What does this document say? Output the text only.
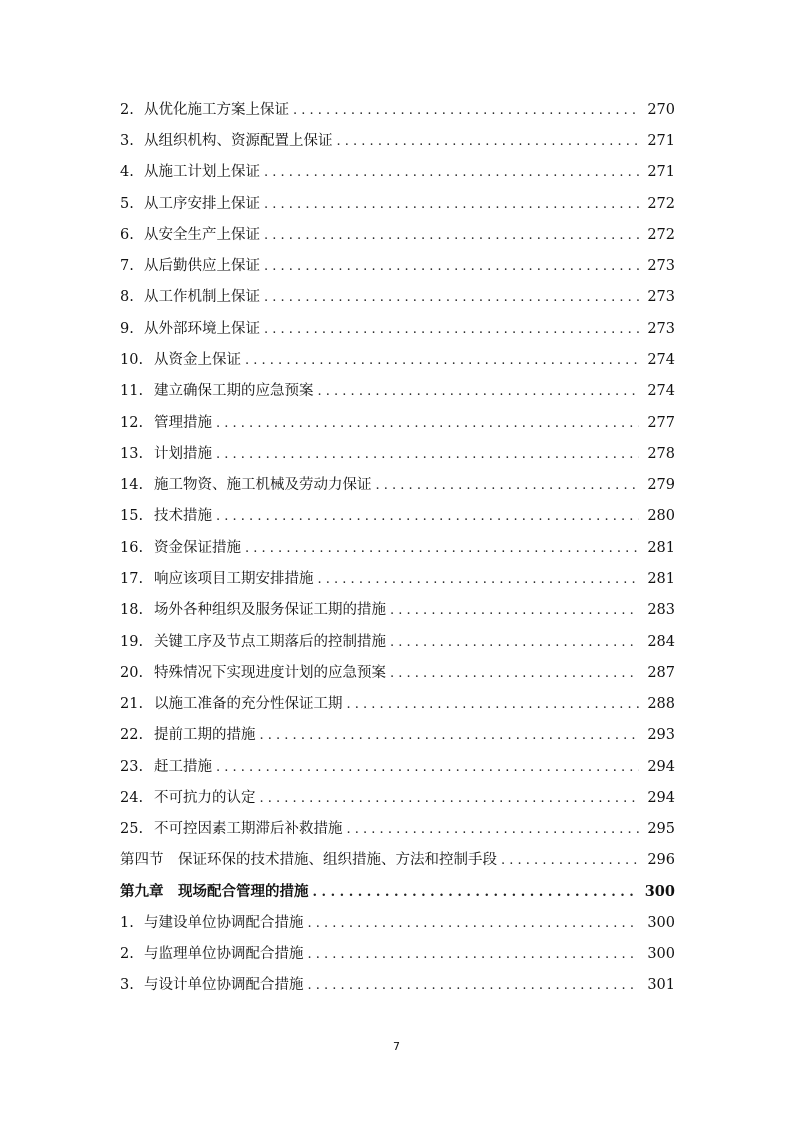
2. 从优化施工方案上保证 . . .	270
3. 从组织机构、资源配置上保证 . . .	271
4. 从施工计划上保证 . . .	271
5. 从工序安排上保证 . . .	272
6. 从安全生产上保证 . . .	272
7. 从后勤供应上保证 . . .	273
8. 从工作机制上保证 . . .	273
9. 从外部环境上保证 . . .	273
10. 从资金上保证 . . .	274
11. 建立确保工期的应急预案 . . .	274
12. 管理措施 . . .	277
13. 计划措施 . . .	278
14. 施工物资、施工机械及劳动力保证 . . .	279
15. 技术措施 . . .	280
16. 资金保证措施 . . .	281
17. 响应该项目工期安排措施 . . .	281
18. 场外各种组织及服务保证工期的措施 . . .	283
19. 关键工序及节点工期落后的控制措施 . . .	284
20. 特殊情况下实现进度计划的应急预案 . . .	287
21. 以施工准备的充分性保证工期 . . .	288
22. 提前工期的措施 . . .	293
23. 赶工措施 . . .	294
24. 不可抗力的认定 . . .	294
25. 不可控因素工期滞后补救措施 . . .	295
第四节	保证环保的技术措施、组织措施、方法和控制手段 . . .	296
第九章	现场配合管理的措施 . . .	300
1. 与建设单位协调配合措施 . . .	300
2. 与监理单位协调配合措施 . . .	300
3. 与设计单位协调配合措施 . . .	301
7
